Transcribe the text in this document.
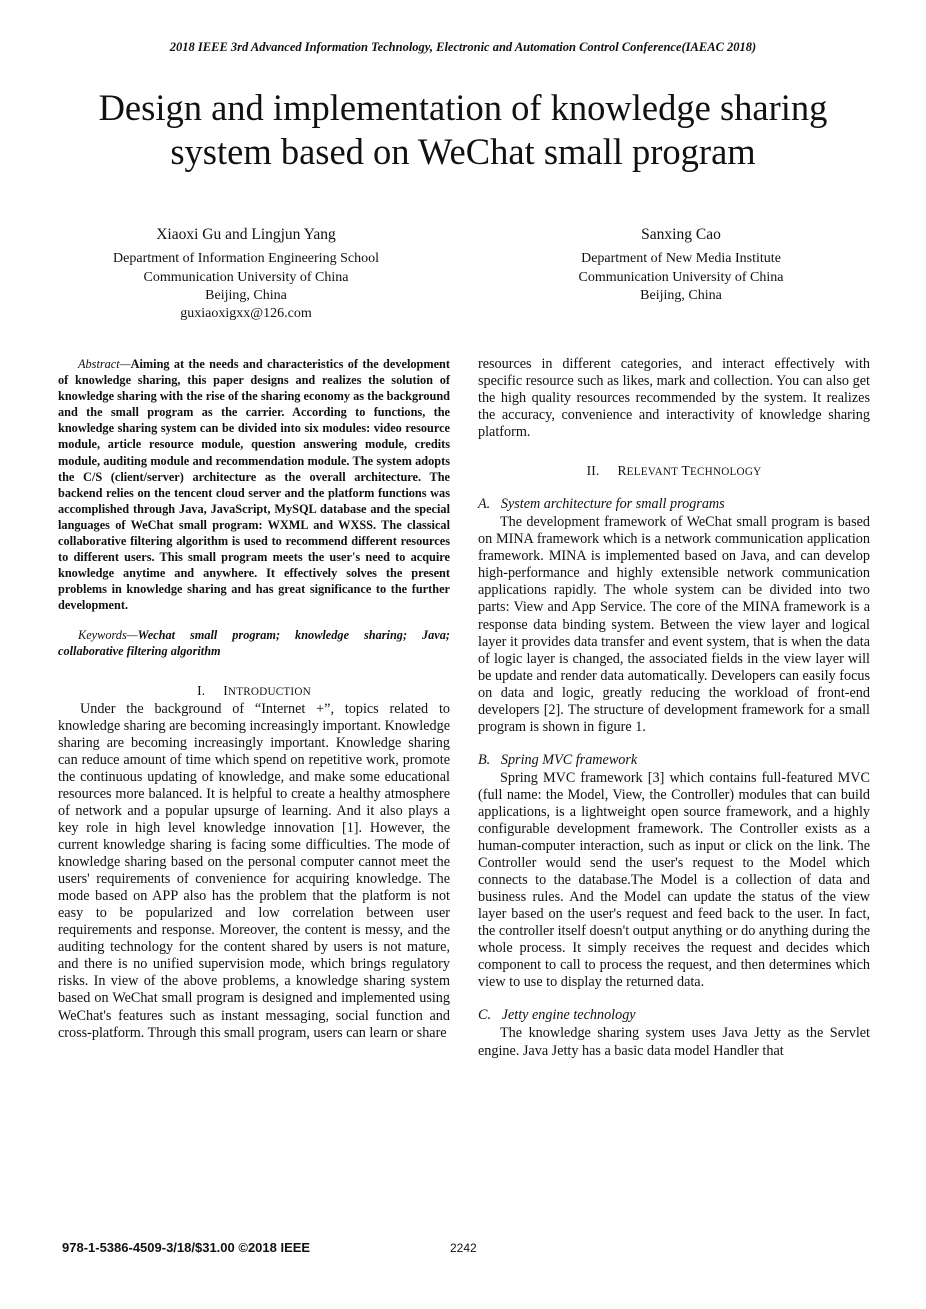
2018 IEEE 3rd Advanced Information Technology, Electronic and Automation Control Conference(IAEAC 2018)
Design and implementation of knowledge sharing
system based on WeChat small program
Xiaoxi Gu and Lingjun Yang
Department of Information Engineering School
Communication University of China
Beijing, China
guxiaoxigxx@126.com
Sanxing Cao
Department of New Media Institute
Communication University of China
Beijing, China

Abstract—Aiming at the needs and characteristics of the development of knowledge sharing, this paper designs and realizes the solution of knowledge sharing with the rise of the sharing economy as the background and the small program as the carrier. According to functions, the knowledge sharing system can be divided into six modules: video resource module, article resource module, question answering module, credits module, auditing module and recommendation module. The system adopts the C/S (client/server) architecture as the overall architecture. The backend relies on the tencent cloud server and the platform functions was accomplished through Java, JavaScript, MySQL database and the special languages of WeChat small program: WXML and WXSS. The classical collaborative filtering algorithm is used to recommend different resources to different users. This small program meets the user's need to acquire knowledge anytime and anywhere. It effectively solves the present problems in knowledge sharing and has great significance to the further development.

Keywords—Wechat small program; knowledge sharing; Java; collaborative filtering algorithm

I. INTRODUCTION

Under the background of “Internet +”, topics related to knowledge sharing are becoming increasingly important. Knowledge sharing are becoming increasingly important. Knowledge sharing can reduce amount of time which spend on repetitive work, promote the continuous updating of knowledge, and make some educational resources more balanced. It is helpful to create a healthy atmosphere of network and a popular upsurge of learning. And it also plays a key role in high level knowledge innovation [1]. However, the current knowledge sharing is facing some difficulties. The mode of knowledge sharing based on the personal computer cannot meet the users' requirements of convenience for acquiring knowledge. The mode based on APP also has the problem that the platform is not easy to be popularized and low correlation between user requirements and response. Moreover, the content is messy, and the auditing technology for the content shared by users is not mature, and there is no unified supervision mode, which brings regulatory risks. In view of the above problems, a knowledge sharing system based on WeChat small program is designed and implemented using WeChat's features such as instant messaging, social function and cross-platform. Through this small program, users can learn or share

resources in different categories, and interact effectively with specific resource such as likes, mark and collection. You can also get the high quality resources recommended by the system. It realizes the accuracy, convenience and interactivity of knowledge sharing platform.

II. RELEVANT TECHNOLOGY

A. System architecture for small programs

The development framework of WeChat small program is based on MINA framework which is a network communication application framework. MINA is implemented based on Java, and can develop high-performance and highly extensible network communication applications rapidly. The whole system can be divided into two parts: View and App Service. The core of the MINA framework is a response data binding system. Between the view layer and logical layer it provides data transfer and event system, that is when the data of logic layer is changed, the associated fields in the view layer will be update and render data automatically. Developers can easily focus on data and logic, greatly reducing the workload of front-end developers [2]. The structure of development framework for a small program is shown in figure 1.

B. Spring MVC framework

Spring MVC framework [3] which contains full-featured MVC (full name: the Model, View, the Controller) modules that can build applications, is a lightweight open source framework, and a highly configurable development framework. The Controller exists as a human-computer interaction, such as input or click on the link. The Controller would send the user's request to the Model which connects to the database.The Model is a collection of data and business rules. And the Model can update the status of the view layer based on the user's request and feed back to the user. In fact, the controller itself doesn't output anything or do anything during the whole process. It simply receives the request and decides which component to call to process the request, and then determines which view to use to display the returned data.

C. Jetty engine technology

The knowledge sharing system uses Java Jetty as the Servlet engine. Java Jetty has a basic data model Handler that

978-1-5386-4509-3/18/$31.00 ©2018 IEEE	2242
